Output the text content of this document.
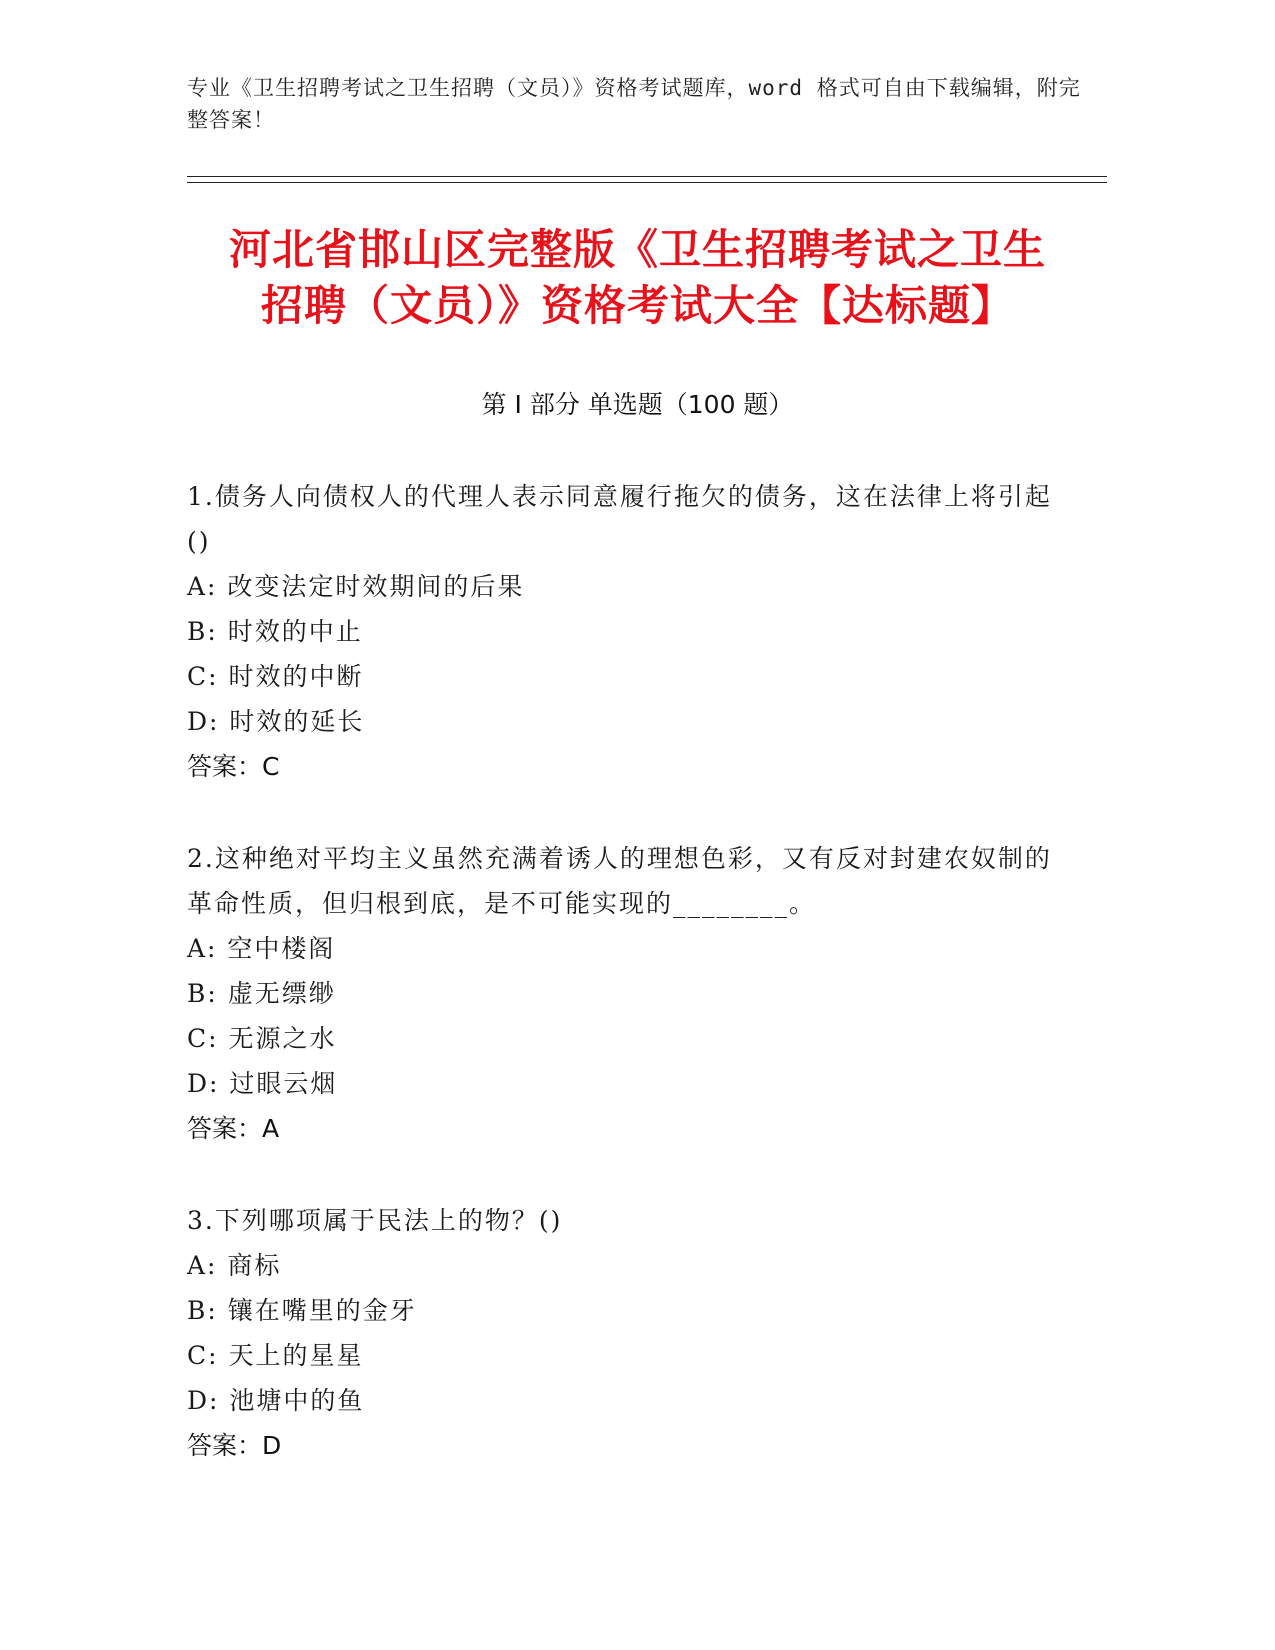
专业《卫生招聘考试之卫生招聘（文员）》资格考试题库，word 格式可自由下载编辑，附完整答案！
河北省邯山区完整版《卫生招聘考试之卫生
招聘（文员）》资格考试大全【达标题】
第 I 部分 单选题（100 题）
1.债务人向债权人的代理人表示同意履行拖欠的债务，这在法律上将引起()
A: 改变法定时效期间的后果
B: 时效的中止
C: 时效的中断
D: 时效的延长
答案：C
2.这种绝对平均主义虽然充满着诱人的理想色彩，又有反对封建农奴制的革命性质，但归根到底，是不可能实现的________。
A: 空中楼阁
B: 虚无缥缈
C: 无源之水
D: 过眼云烟
答案：A
3.下列哪项属于民法上的物？()
A: 商标
B: 镶在嘴里的金牙
C: 天上的星星
D: 池塘中的鱼
答案：D
